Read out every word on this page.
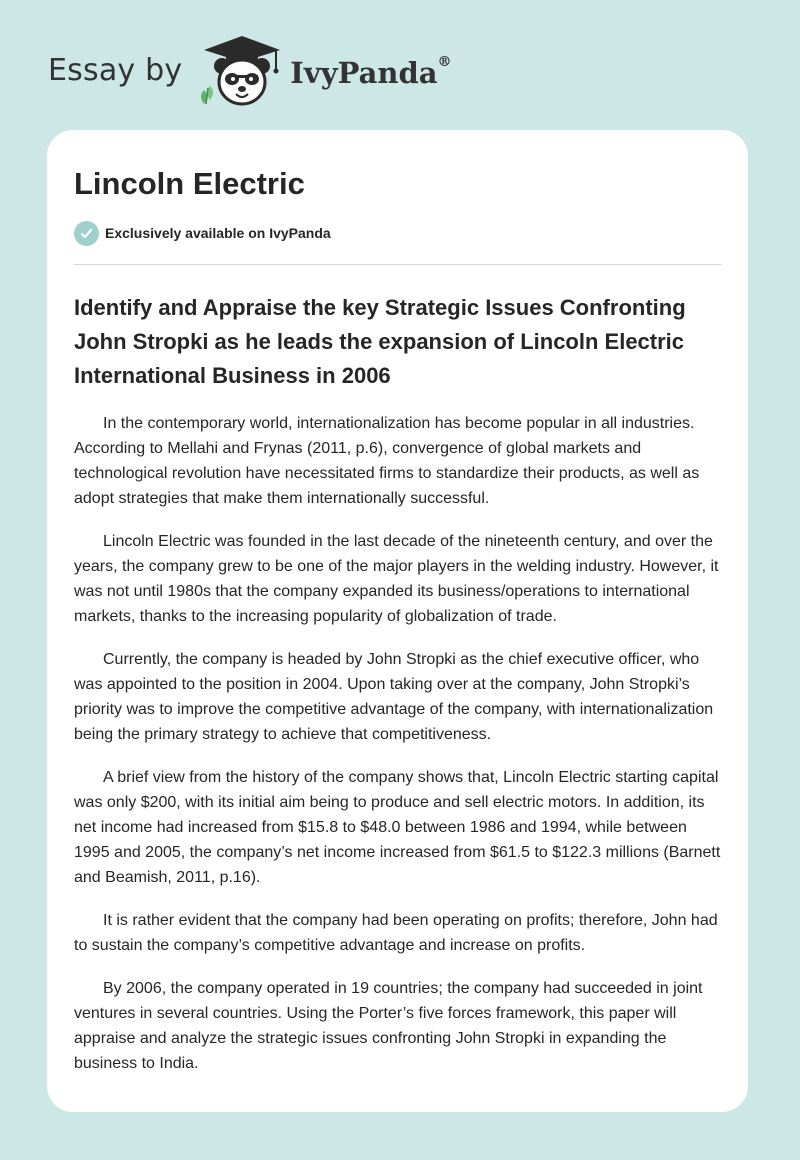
Essay by	IvyPanda®
Lincoln Electric
Exclusively available on IvyPanda
Identify and Appraise the key Strategic Issues Confronting John Stropki as he leads the expansion of Lincoln Electric International Business in 2006

In the contemporary world, internationalization has become popular in all industries. According to Mellahi and Frynas (2011, p.6), convergence of global markets and technological revolution have necessitated firms to standardize their products, as well as adopt strategies that make them internationally successful.

Lincoln Electric was founded in the last decade of the nineteenth century, and over the years, the company grew to be one of the major players in the welding industry. However, it was not until 1980s that the company expanded its business/operations to international markets, thanks to the increasing popularity of globalization of trade.

Currently, the company is headed by John Stropki as the chief executive officer, who was appointed to the position in 2004. Upon taking over at the company, John Stropki’s priority was to improve the competitive advantage of the company, with internationalization being the primary strategy to achieve that competitiveness.

A brief view from the history of the company shows that, Lincoln Electric starting capital was only $200, with its initial aim being to produce and sell electric motors. In addition, its net income had increased from $15.8 to $48.0 between 1986 and 1994, while between 1995 and 2005, the company’s net income increased from $61.5 to $122.3 millions (Barnett and Beamish, 2011, p.16).

It is rather evident that the company had been operating on profits; therefore, John had to sustain the company’s competitive advantage and increase on profits.

By 2006, the company operated in 19 countries; the company had succeeded in joint ventures in several countries. Using the Porter’s five forces framework, this paper will appraise and analyze the strategic issues confronting John Stropki in expanding the business to India.
